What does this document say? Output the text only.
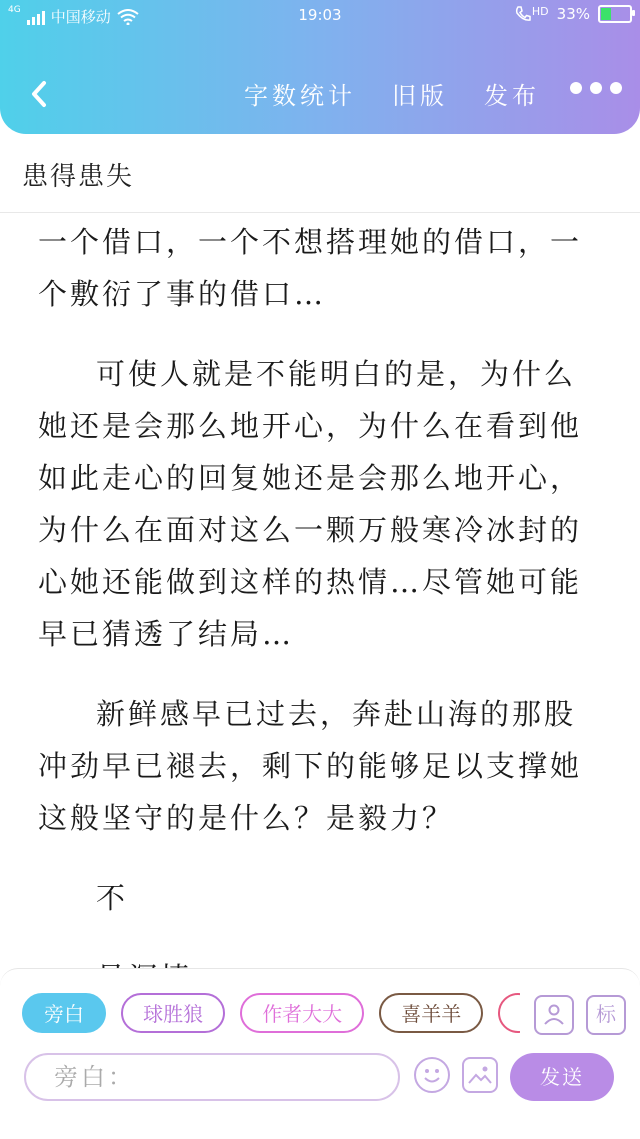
4G 中国移动	19:03	HD 33%
字数统计 旧版 发布
患得患失

一个借口，一个不想搭理她的借口，一个敷衍了事的借口…

可使人就是不能明白的是，为什么她还是会那么地开心，为什么在看到他如此走心的回复她还是会那么地开心，为什么在面对这么一颗万般寒冷冰封的心她还能做到这样的热情…尽管她可能早已猜透了结局…

新鲜感早已过去，奔赴山海的那股冲劲早已褪去，剩下的能够足以支撑她这般坚守的是什么？是毅力？

不

旁白	球胜狼	作者大大	喜羊羊	标
旁白：	发送
